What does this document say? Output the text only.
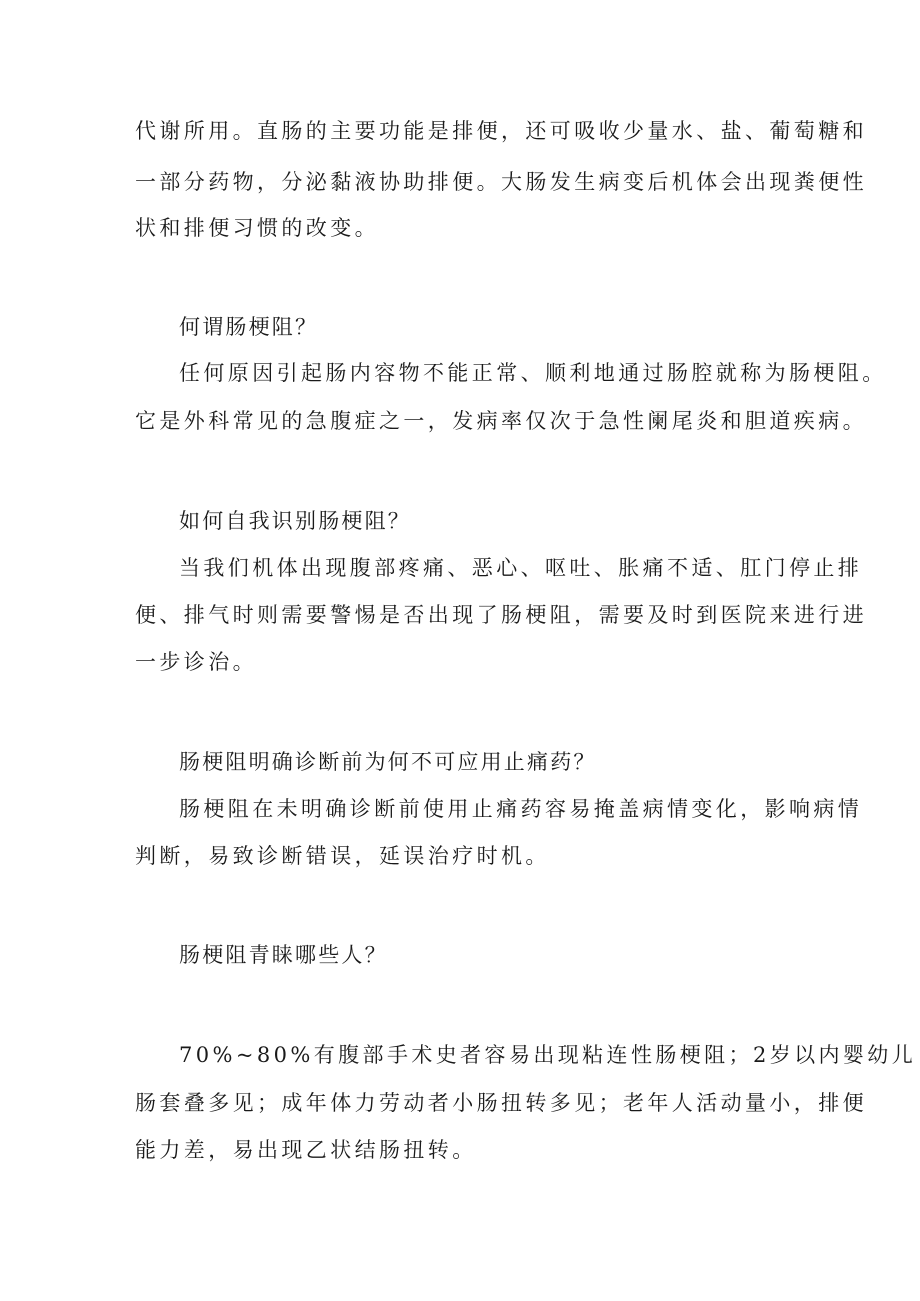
代谢所用。直肠的主要功能是排便，还可吸收少量水、盐、葡萄糖和

一部分药物，分泌黏液协助排便。大肠发生病变后机体会出现粪便性

状和排便习惯的改变。

何谓肠梗阻？

任何原因引起肠内容物不能正常、顺利地通过肠腔就称为肠梗阻。

它是外科常见的急腹症之一，发病率仅次于急性阑尾炎和胆道疾病。

如何自我识别肠梗阻？

当我们机体出现腹部疼痛、恶心、呕吐、胀痛不适、肛门停止排

便、排气时则需要警惕是否出现了肠梗阻，需要及时到医院来进行进

一步诊治。

肠梗阻明确诊断前为何不可应用止痛药？

肠梗阻在未明确诊断前使用止痛药容易掩盖病情变化，影响病情

判断，易致诊断错误，延误治疗时机。

肠梗阻青睐哪些人？

70%~80%有腹部手术史者容易出现粘连性肠梗阻；2岁以内婴幼儿

肠套叠多见；成年体力劳动者小肠扭转多见；老年人活动量小，排便

能力差，易出现乙状结肠扭转。
